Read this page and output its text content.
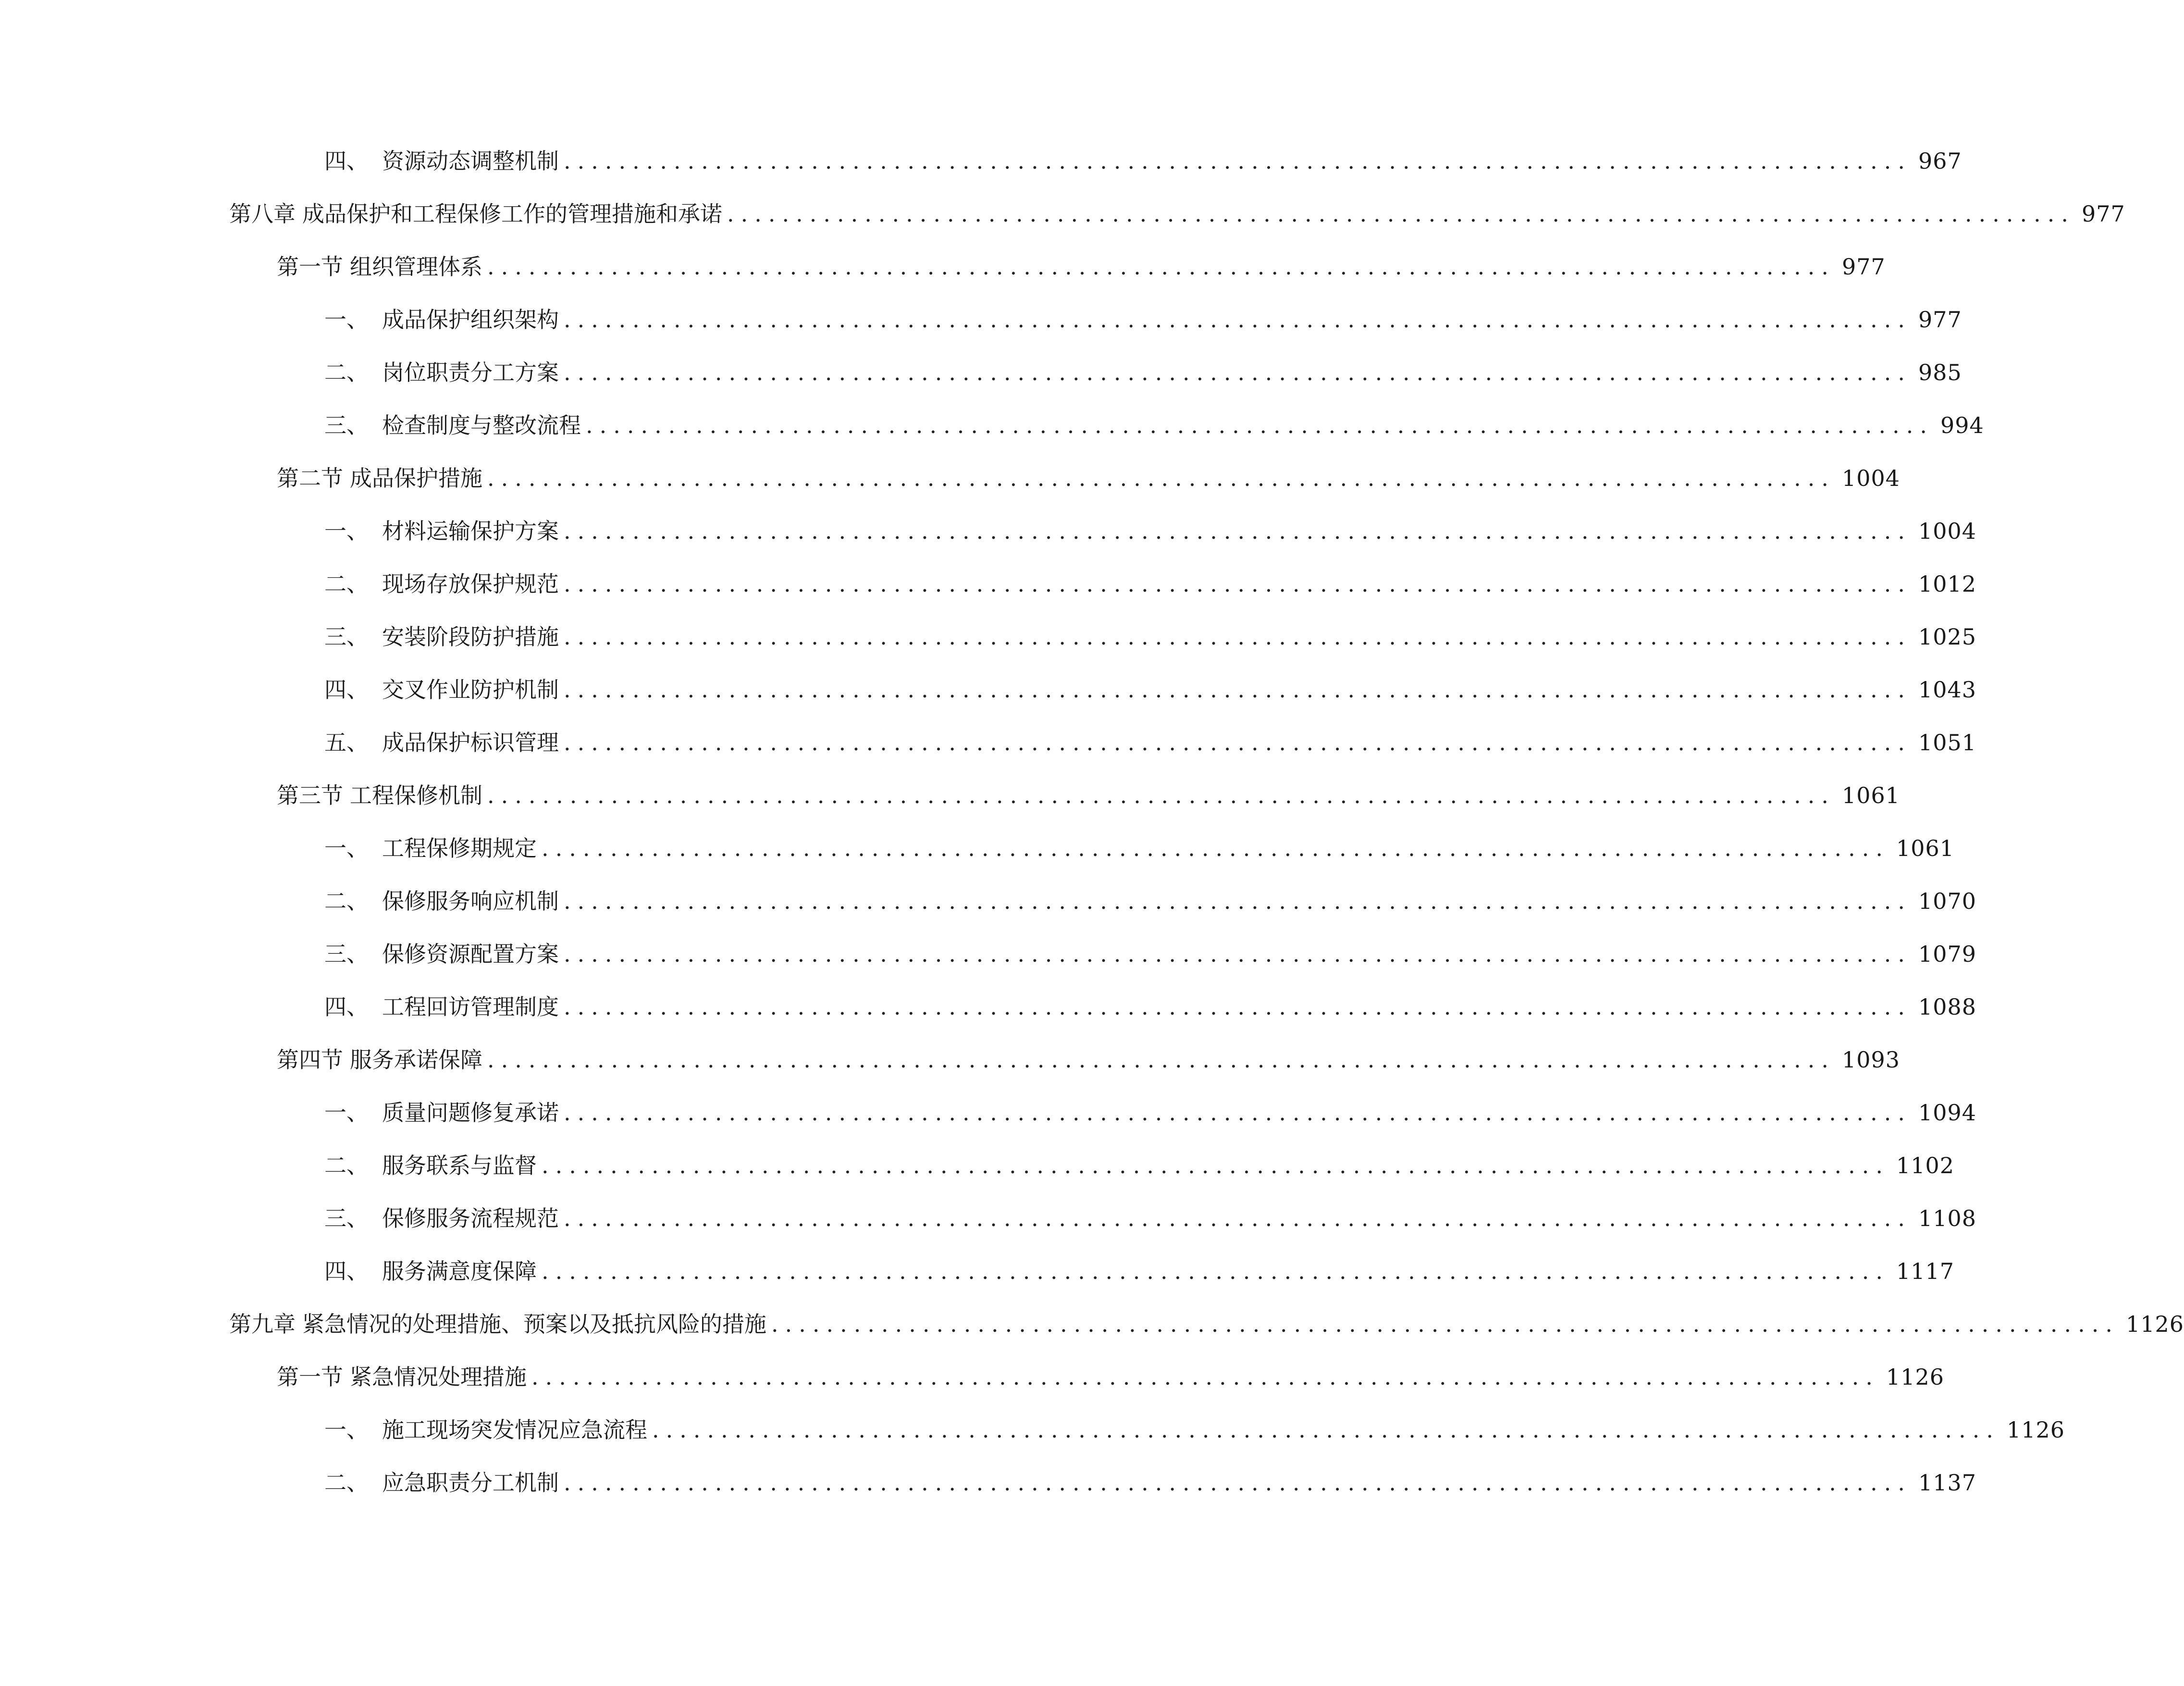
四、 资源动态调整机制 .................................................................................................. 967
第八章 成品保护和工程保修工作的管理措施和承诺 .................................................................................................. 977
第一节 组织管理体系 .................................................................................................. 977
一、 成品保护组织架构 .................................................................................................. 977
二、 岗位职责分工方案 .................................................................................................. 985
三、 检查制度与整改流程 .................................................................................................. 994
第二节 成品保护措施 .................................................................................................. 1004
一、 材料运输保护方案 .................................................................................................. 1004
二、 现场存放保护规范 .................................................................................................. 1012
三、 安装阶段防护措施 .................................................................................................. 1025
四、 交叉作业防护机制 .................................................................................................. 1043
五、 成品保护标识管理 .................................................................................................. 1051
第三节 工程保修机制 .................................................................................................. 1061
一、 工程保修期规定 .................................................................................................. 1061
二、 保修服务响应机制 .................................................................................................. 1070
三、 保修资源配置方案 .................................................................................................. 1079
四、 工程回访管理制度 .................................................................................................. 1088
第四节 服务承诺保障 .................................................................................................. 1093
一、 质量问题修复承诺 .................................................................................................. 1094
二、 服务联系与监督 .................................................................................................. 1102
三、 保修服务流程规范 .................................................................................................. 1108
四、 服务满意度保障 .................................................................................................. 1117
第九章 紧急情况的处理措施、预案以及抵抗风险的措施 .................................................................................................. 1126
第一节 紧急情况处理措施 .................................................................................................. 1126
一、 施工现场突发情况应急流程 .................................................................................................. 1126
二、 应急职责分工机制 .................................................................................................. 1137
